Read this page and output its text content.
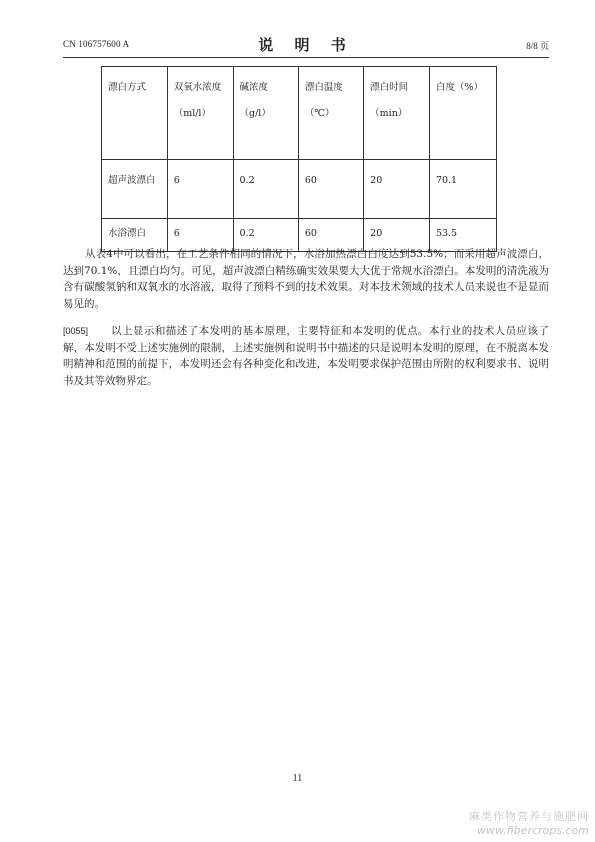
CN 106757600 A	说 明 书	8/8 页
漂白方式	双氧水浓度（ml/l）	碱浓度（g/l）	漂白温度（℃）	漂白时间（min）	白度（%）
超声波漂白	6	0.2	60	20	70.1
水浴漂白	6	0.2	60	20	53.5
从表4中可以看出，在工艺条件相同的情况下，水浴加热漂白白度达到53.5%；而采用超声波漂白，达到70.1%，且漂白均匀。可见，超声波漂白精练确实效果要大大优于常规水浴漂白。本发明的清洗液为含有碳酸氢钠和双氧水的水溶液，取得了预料不到的技术效果。对本技术领域的技术人员来说也不是显而易见的。
[0055]	以上显示和描述了本发明的基本原理，主要特征和本发明的优点。本行业的技术人员应该了解，本发明不受上述实施例的限制，上述实施例和说明书中描述的只是说明本发明的原理，在不脱离本发明精神和范围的前提下，本发明还会有各种变化和改进，本发明要求保护范围由所附的权利要求书、说明书及其等效物界定。
11
麻类作物营养与施肥网
www.fibercrops.com
